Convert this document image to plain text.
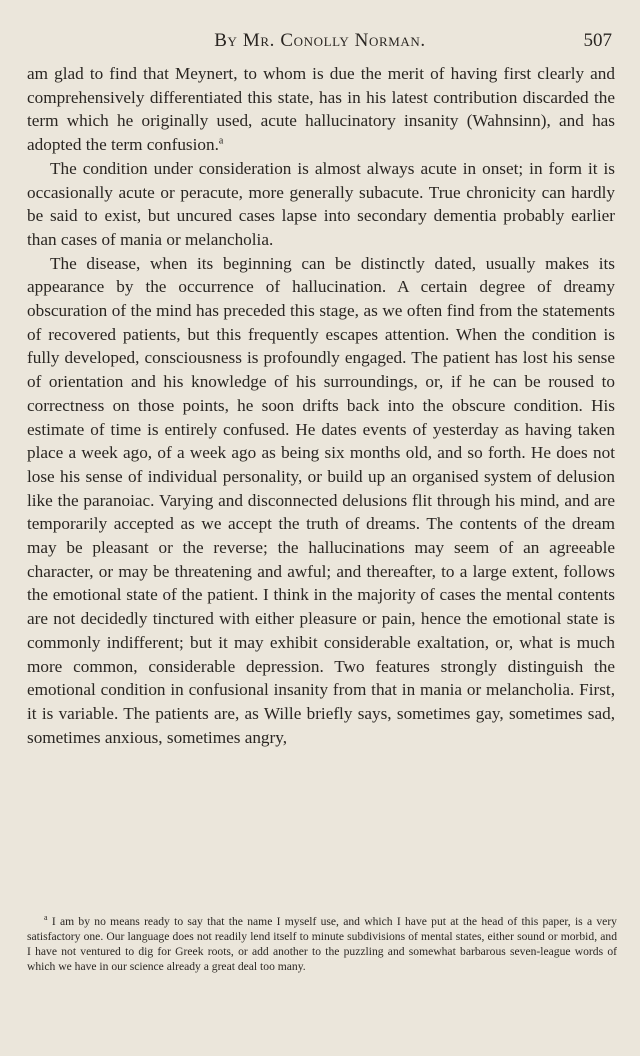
By Mr. Conolly Norman.	507

am glad to find that Meynert, to whom is due the merit of having first clearly and comprehensively differentiated this state, has in his latest contribution discarded the term which he originally used, acute hallucinatory insanity (Wahnsinn), and has adopted the term confusion.$^a$

The condition under consideration is almost always acute in onset; in form it is occasionally acute or peracute, more generally subacute. True chronicity can hardly be said to exist, but uncured cases lapse into secondary dementia probably earlier than cases of mania or melancholia.

The disease, when its beginning can be distinctly dated, usually makes its appearance by the occurrence of hallucination. A certain degree of dreamy obscuration of the mind has preceded this stage, as we often find from the statements of recovered patients, but this frequently escapes attention. When the condition is fully developed, consciousness is profoundly engaged. The patient has lost his sense of orientation and his knowledge of his surroundings, or, if he can be roused to correctness on those points, he soon drifts back into the obscure condition. His estimate of time is entirely confused. He dates events of yesterday as having taken place a week ago, of a week ago as being six months old, and so forth. He does not lose his sense of individual personality, or build up an organised system of delusion like the paranoiac. Varying and disconnected delusions flit through his mind, and are temporarily accepted as we accept the truth of dreams. The contents of the dream may be pleasant or the reverse; the hallucinations may seem of an agreeable character, or may be threatening and awful; and thereafter, to a large extent, follows the emotional state of the patient. I think in the majority of cases the mental contents are not decidedly tinctured with either pleasure or pain, hence the emotional state is commonly indifferent; but it may exhibit considerable exaltation, or, what is much more common, considerable depression. Two features strongly distinguish the emotional condition in confusional insanity from that in mania or melancholia. First, it is variable. The patients are, as Wille briefly says, sometimes gay, sometimes sad, sometimes anxious, sometimes angry,

$^a$ I am by no means ready to say that the name I myself use, and which I have put at the head of this paper, is a very satisfactory one. Our language does not readily lend itself to minute subdivisions of mental states, either sound or morbid, and I have not ventured to dig for Greek roots, or add another to the puzzling and somewhat barbarous seven-league words of which we have in our science already a great deal too many.
